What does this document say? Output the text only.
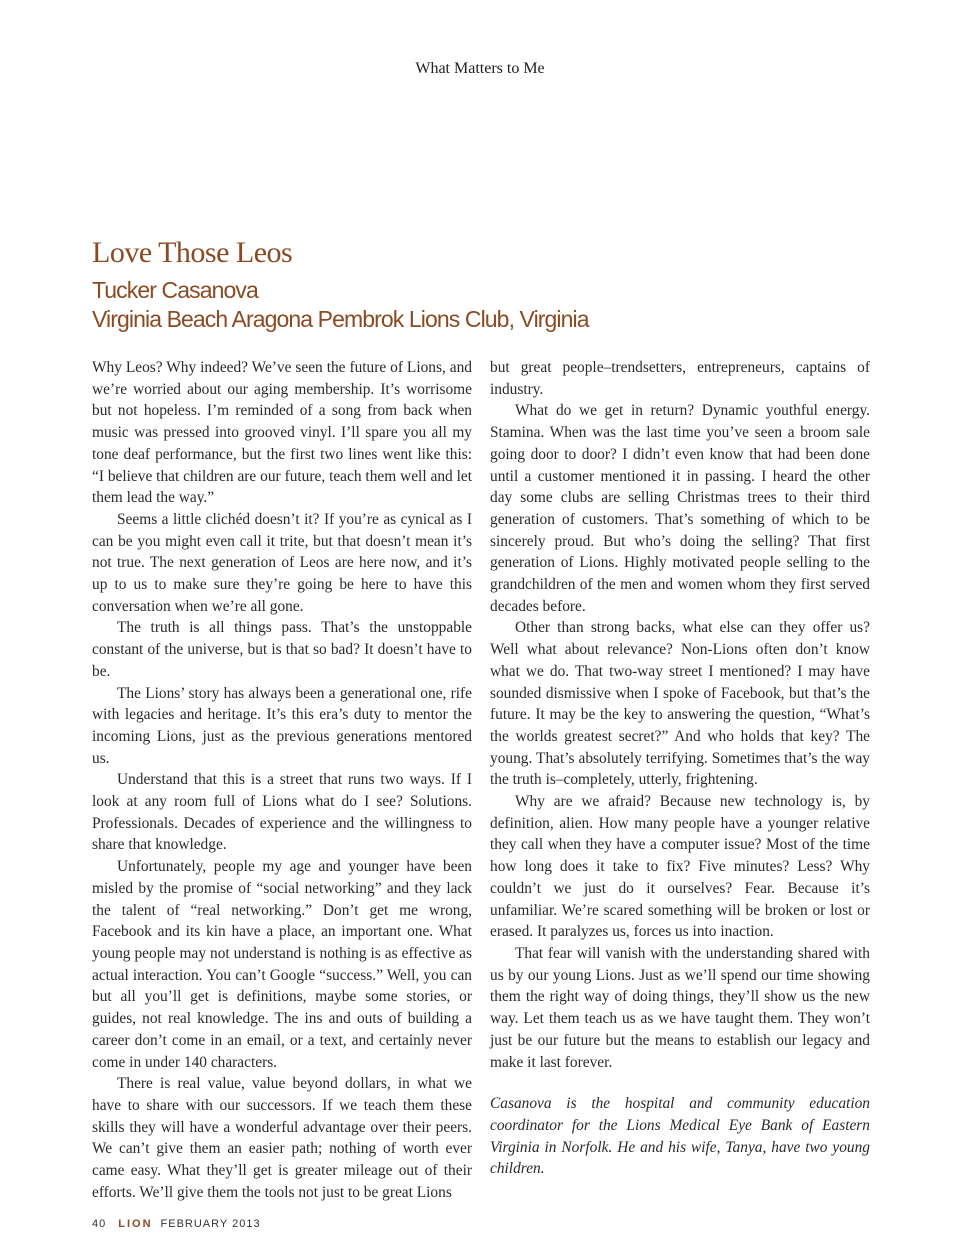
What Matters to Me
Love Those Leos
Tucker Casanova
Virginia Beach Aragona Pembrok Lions Club, Virginia

Why Leos? Why indeed? We’ve seen the future of Lions, and we’re worried about our aging membership. It’s worrisome but not hopeless. I’m reminded of a song from back when music was pressed into grooved vinyl. I’ll spare you all my tone deaf performance, but the first two lines went like this: “I believe that children are our future, teach them well and let them lead the way.”

Seems a little clichéd doesn’t it? If you’re as cynical as I can be you might even call it trite, but that doesn’t mean it’s not true. The next generation of Leos are here now, and it’s up to us to make sure they’re going be here to have this conversation when we’re all gone.

The truth is all things pass. That’s the unstoppable constant of the universe, but is that so bad? It doesn’t have to be.

The Lions’ story has always been a generational one, rife with legacies and heritage. It’s this era’s duty to mentor the incoming Lions, just as the previous generations mentored us.

Understand that this is a street that runs two ways. If I look at any room full of Lions what do I see? Solutions. Professionals. Decades of experience and the willingness to share that knowledge.

Unfortunately, people my age and younger have been misled by the promise of “social networking” and they lack the talent of “real networking.” Don’t get me wrong, Facebook and its kin have a place, an important one. What young people may not understand is nothing is as effective as actual interaction. You can’t Google “success.” Well, you can but all you’ll get is definitions, maybe some stories, or guides, not real knowledge. The ins and outs of building a career don’t come in an email, or a text, and certainly never come in under 140 characters.

There is real value, value beyond dollars, in what we have to share with our successors. If we teach them these skills they will have a wonderful advantage over their peers. We can’t give them an easier path; nothing of worth ever came easy. What they’ll get is greater mileage out of their efforts. We’ll give them the tools not just to be great Lions

but great people–trendsetters, entrepreneurs, captains of industry.

What do we get in return? Dynamic youthful energy. Stamina. When was the last time you’ve seen a broom sale going door to door? I didn’t even know that had been done until a customer mentioned it in passing. I heard the other day some clubs are selling Christmas trees to their third generation of customers. That’s something of which to be sincerely proud. But who’s doing the selling? That first generation of Lions. Highly motivated people selling to the grandchildren of the men and women whom they first served decades before.

Other than strong backs, what else can they offer us? Well what about relevance? Non-Lions often don’t know what we do. That two-way street I mentioned? I may have sounded dismissive when I spoke of Facebook, but that’s the future. It may be the key to answering the question, “What’s the worlds greatest secret?” And who holds that key? The young. That’s absolutely terrifying. Sometimes that’s the way the truth is–completely, utterly, frightening.

Why are we afraid? Because new technology is, by definition, alien. How many people have a younger relative they call when they have a computer issue? Most of the time how long does it take to fix? Five minutes? Less? Why couldn’t we just do it ourselves? Fear. Because it’s unfamiliar. We’re scared something will be broken or lost or erased. It paralyzes us, forces us into inaction.

That fear will vanish with the understanding shared with us by our young Lions. Just as we’ll spend our time showing them the right way of doing things, they’ll show us the new way. Let them teach us as we have taught them. They won’t just be our future but the means to establish our legacy and make it last forever.

Casanova is the hospital and community education coordinator for the Lions Medical Eye Bank of Eastern Virginia in Norfolk. He and his wife, Tanya, have two young children.

40 LION FEBRUARY 2013
